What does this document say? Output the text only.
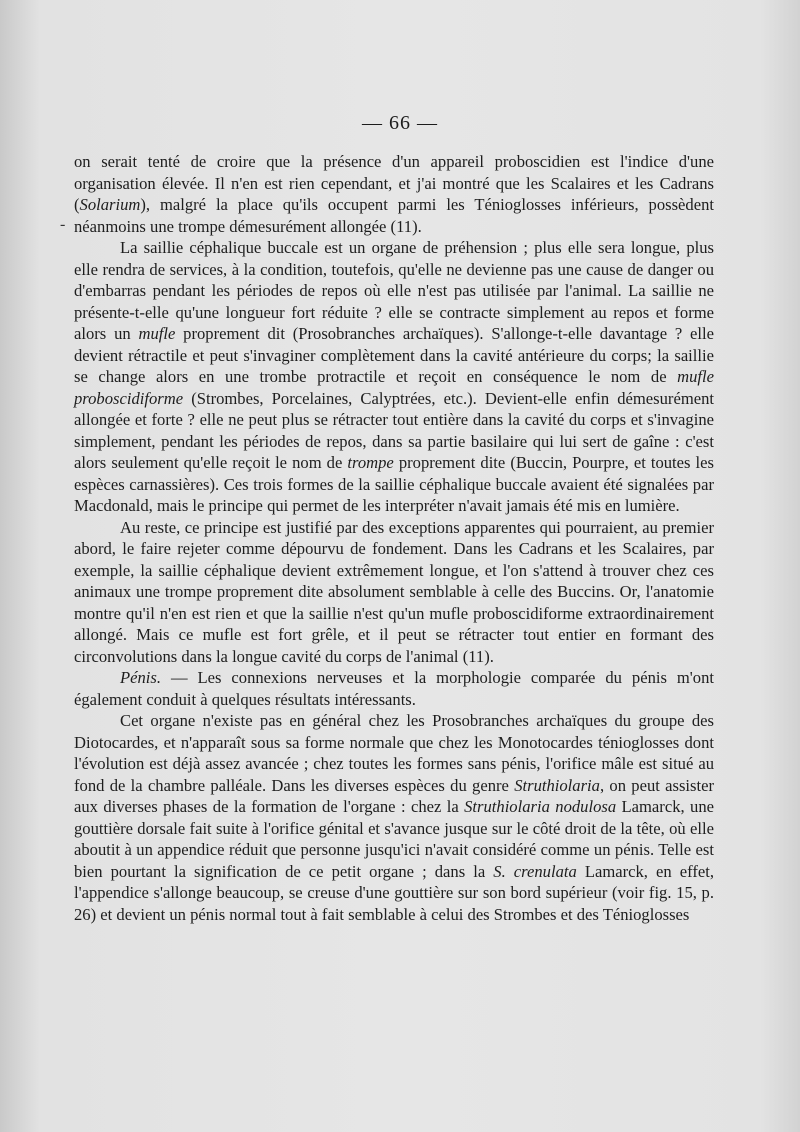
— 66 —
-

on serait tenté de croire que la présence d'un appareil proboscidien est l'indice d'une organisation élevée. Il n'en est rien cependant, et j'ai montré que les Scalaires et les Cadrans (Solarium), malgré la place qu'ils occupent parmi les Ténioglosses inférieurs, possèdent néanmoins une trompe démesurément allongée (11).

La saillie céphalique buccale est un organe de préhension ; plus elle sera longue, plus elle rendra de services, à la condition, toutefois, qu'elle ne devienne pas une cause de danger ou d'embarras pendant les périodes de repos où elle n'est pas utilisée par l'animal. La saillie ne présente-t-elle qu'une longueur fort réduite ? elle se contracte simplement au repos et forme alors un mufle proprement dit (Prosobranches archaïques). S'allonge-t-elle davantage ? elle devient rétractile et peut s'invaginer complètement dans la cavité antérieure du corps; la saillie se change alors en une trombe protractile et reçoit en conséquence le nom de mufle proboscidiforme (Strombes, Porcelaines, Calyptrées, etc.). Devient-elle enfin démesurément allongée et forte ? elle ne peut plus se rétracter tout entière dans la cavité du corps et s'invagine simplement, pendant les périodes de repos, dans sa partie basilaire qui lui sert de gaîne : c'est alors seulement qu'elle reçoit le nom de trompe proprement dite (Buccin, Pourpre, et toutes les espèces carnassières). Ces trois formes de la saillie céphalique buccale avaient été signalées par Macdonald, mais le principe qui permet de les interpréter n'avait jamais été mis en lumière.

Au reste, ce principe est justifié par des exceptions apparentes qui pourraient, au premier abord, le faire rejeter comme dépourvu de fondement. Dans les Cadrans et les Scalaires, par exemple, la saillie céphalique devient extrêmement longue, et l'on s'attend à trouver chez ces animaux une trompe proprement dite absolument semblable à celle des Buccins. Or, l'anatomie montre qu'il n'en est rien et que la saillie n'est qu'un mufle proboscidiforme extraordinairement allongé. Mais ce mufle est fort grêle, et il peut se rétracter tout entier en formant des circonvolutions dans la longue cavité du corps de l'animal (11).

Pénis. — Les connexions nerveuses et la morphologie comparée du pénis m'ont également conduit à quelques résultats intéressants.

Cet organe n'existe pas en général chez les Prosobranches archaïques du groupe des Diotocardes, et n'apparaît sous sa forme normale que chez les Monotocardes ténioglosses dont l'évolution est déjà assez avancée ; chez toutes les formes sans pénis, l'orifice mâle est situé au fond de la chambre palléale. Dans les diverses espèces du genre Struthiolaria, on peut assister aux diverses phases de la formation de l'organe : chez la Struthiolaria nodulosa Lamarck, une gouttière dorsale fait suite à l'orifice génital et s'avance jusque sur le côté droit de la tête, où elle aboutit à un appendice réduit que personne jusqu'ici n'avait considéré comme un pénis. Telle est bien pourtant la signification de ce petit organe ; dans la S. crenulata Lamarck, en effet, l'appendice s'allonge beaucoup, se creuse d'une gouttière sur son bord supérieur (voir fig. 15, p. 26) et devient un pénis normal tout à fait semblable à celui des Strombes et des Ténioglosses
